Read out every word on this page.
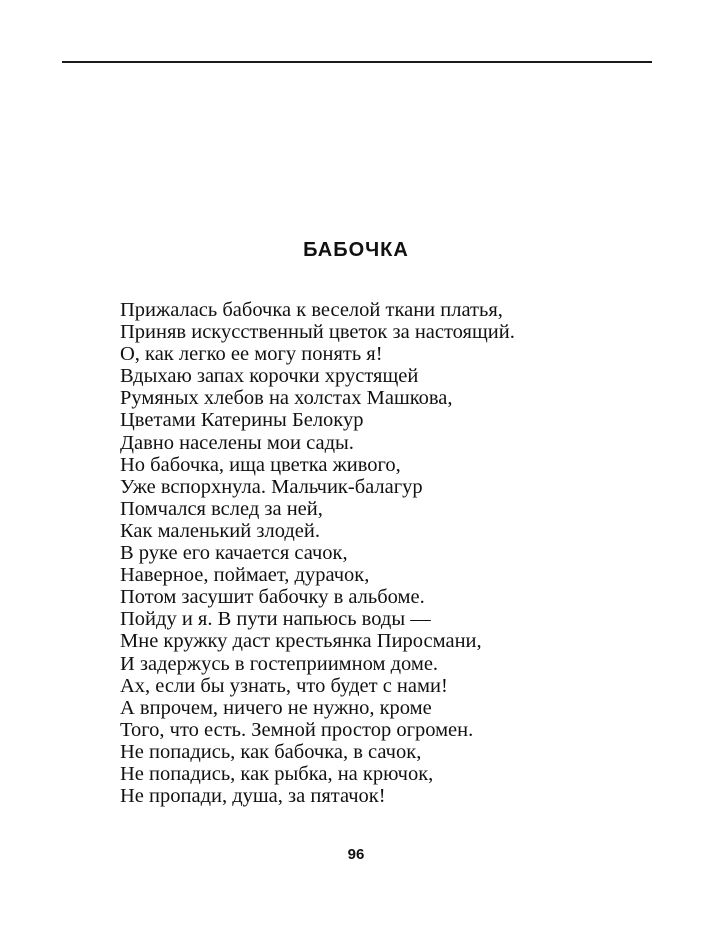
БАБОЧКА
Прижалась бабочка к веселой ткани платья,
Приняв искусственный цветок за настоящий.
О, как легко ее могу понять я!
Вдыхаю запах корочки хрустящей
Румяных хлебов на холстах Машкова,
Цветами Катерины Белокур
Давно населены мои сады.
Но бабочка, ища цветка живого,
Уже вспорхнула. Мальчик-балагур
Помчался вслед за ней,
Как маленький злодей.
В руке его качается сачок,
Наверное, поймает, дурачок,
Потом засушит бабочку в альбоме.
Пойду и я. В пути напьюсь воды —
Мне кружку даст крестьянка Пиросмани,
И задержусь в гостеприимном доме.
Ах, если бы узнать, что будет с нами!
А впрочем, ничего не нужно, кроме
Того, что есть. Земной простор огромен.
Не попадись, как бабочка, в сачок,
Не попадись, как рыбка, на крючок,
Не пропади, душа, за пятачок!
96
